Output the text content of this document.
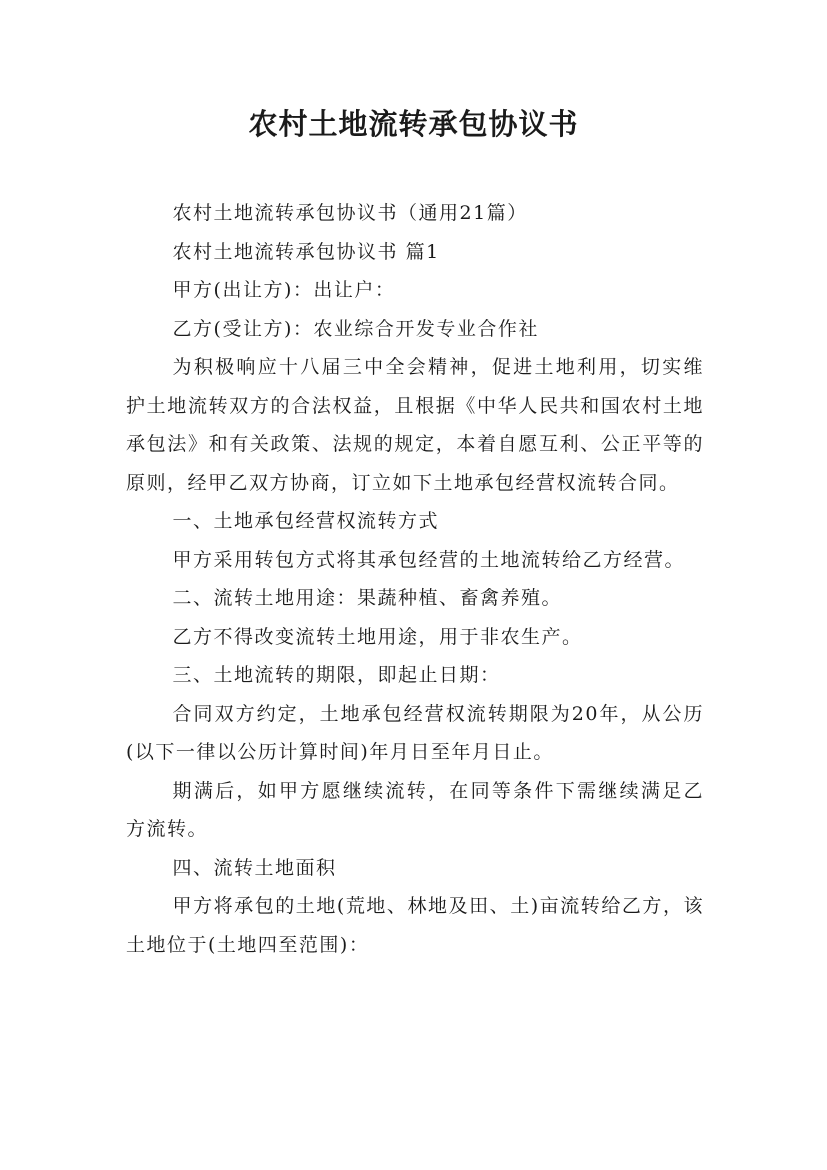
农村土地流转承包协议书

农村土地流转承包协议书（通用21篇）

农村土地流转承包协议书 篇1

甲方(出让方)：出让户：

乙方(受让方)：农业综合开发专业合作社

为积极响应十八届三中全会精神，促进土地利用，切实维护土地流转双方的合法权益，且根据《中华人民共和国农村土地承包法》和有关政策、法规的规定，本着自愿互利、公正平等的原则，经甲乙双方协商，订立如下土地承包经营权流转合同。

一、土地承包经营权流转方式

甲方采用转包方式将其承包经营的土地流转给乙方经营。

二、流转土地用途：果蔬种植、畜禽养殖。

乙方不得改变流转土地用途，用于非农生产。

三、土地流转的期限，即起止日期：

合同双方约定，土地承包经营权流转期限为20年，从公历(以下一律以公历计算时间)年月日至年月日止。

期满后，如甲方愿继续流转，在同等条件下需继续满足乙方流转。

四、流转土地面积

甲方将承包的土地(荒地、林地及田、土)亩流转给乙方，该土地位于(土地四至范围)：
